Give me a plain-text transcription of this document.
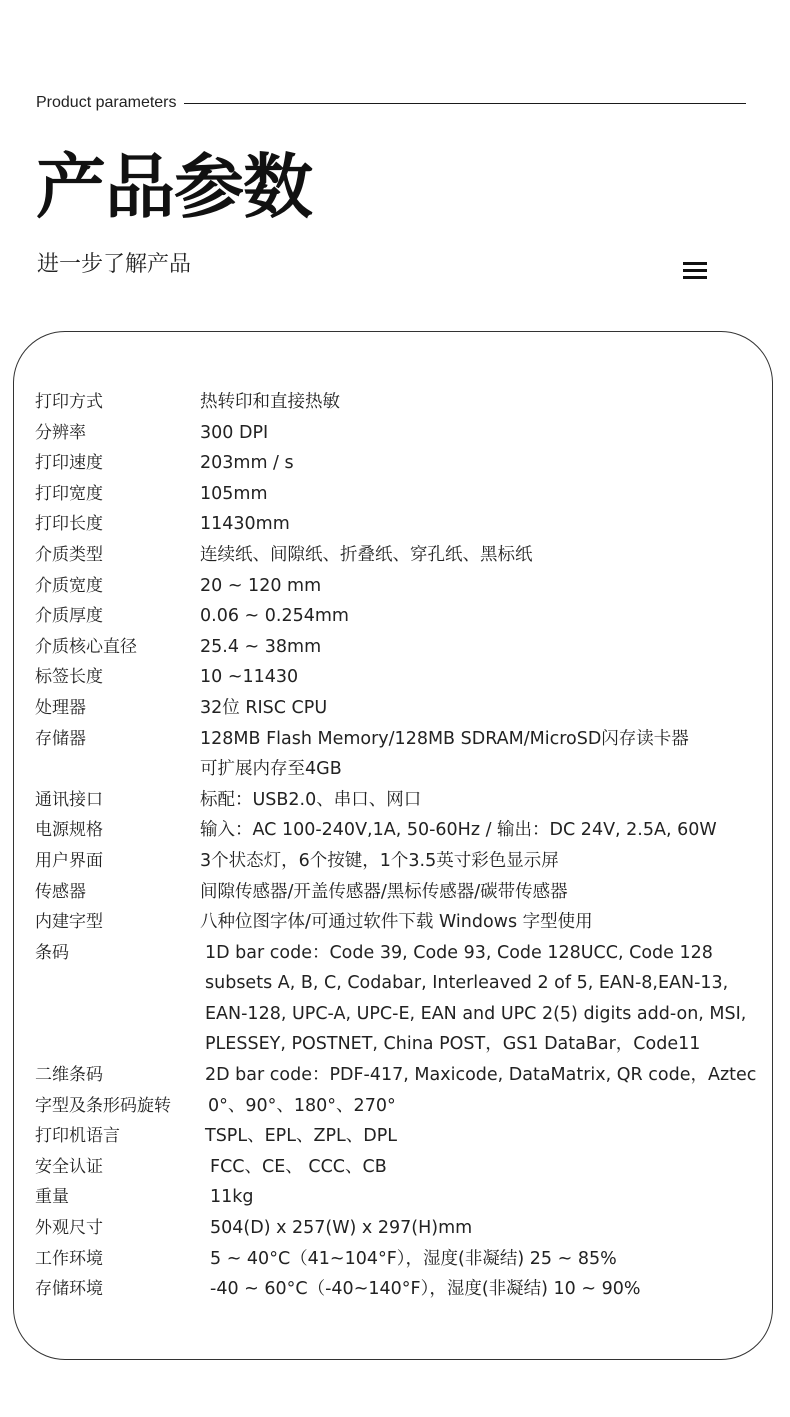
Product parameters
产品参数
进一步了解产品
打印方式	热转印和直接热敏
分辨率	300 DPI
打印速度	203mm / s
打印宽度	105mm
打印长度	11430mm
介质类型	连续纸、间隙纸、折叠纸、穿孔纸、黑标纸
介质宽度	20 ~ 120 mm
介质厚度	0.06 ~ 0.254mm
介质核心直径	25.4 ~ 38mm
标签长度	10 ~11430
处理器	32位 RISC CPU
存储器	128MB Flash Memory/128MB SDRAM/MicroSD闪存读卡器
可扩展内存至4GB
通讯接口	标配：USB2.0、串口、网口
电源规格	输入：AC 100-240V,1A, 50-60Hz / 输出：DC 24V, 2.5A, 60W
用户界面	3个状态灯，6个按键，1个3.5英寸彩色显示屏
传感器	间隙传感器/开盖传感器/黑标传感器/碳带传感器
内建字型	八种位图字体/可通过软件下载 Windows 字型使用
条码	1D bar code：Code 39, Code 93, Code 128UCC, Code 128
subsets A, B, C, Codabar, Interleaved 2 of 5, EAN-8,EAN-13,
EAN-128, UPC-A, UPC-E, EAN and UPC 2(5) digits add-on, MSI,
PLESSEY, POSTNET, China POST，GS1 DataBar，Code11
二维条码	2D bar code：PDF-417, Maxicode, DataMatrix, QR code，Aztec
字型及条形码旋转	0°、90°、180°、270°
打印机语言	TSPL、EPL、ZPL、DPL
安全认证	FCC、CE、 CCC、CB
重量	11kg
外观尺寸	504(D) x 257(W) x 297(H)mm
工作环境	5 ~ 40°C（41~104°F），湿度(非凝结) 25 ~ 85%
存储环境	-40 ~ 60°C（-40~140°F），湿度(非凝结) 10 ~ 90%
